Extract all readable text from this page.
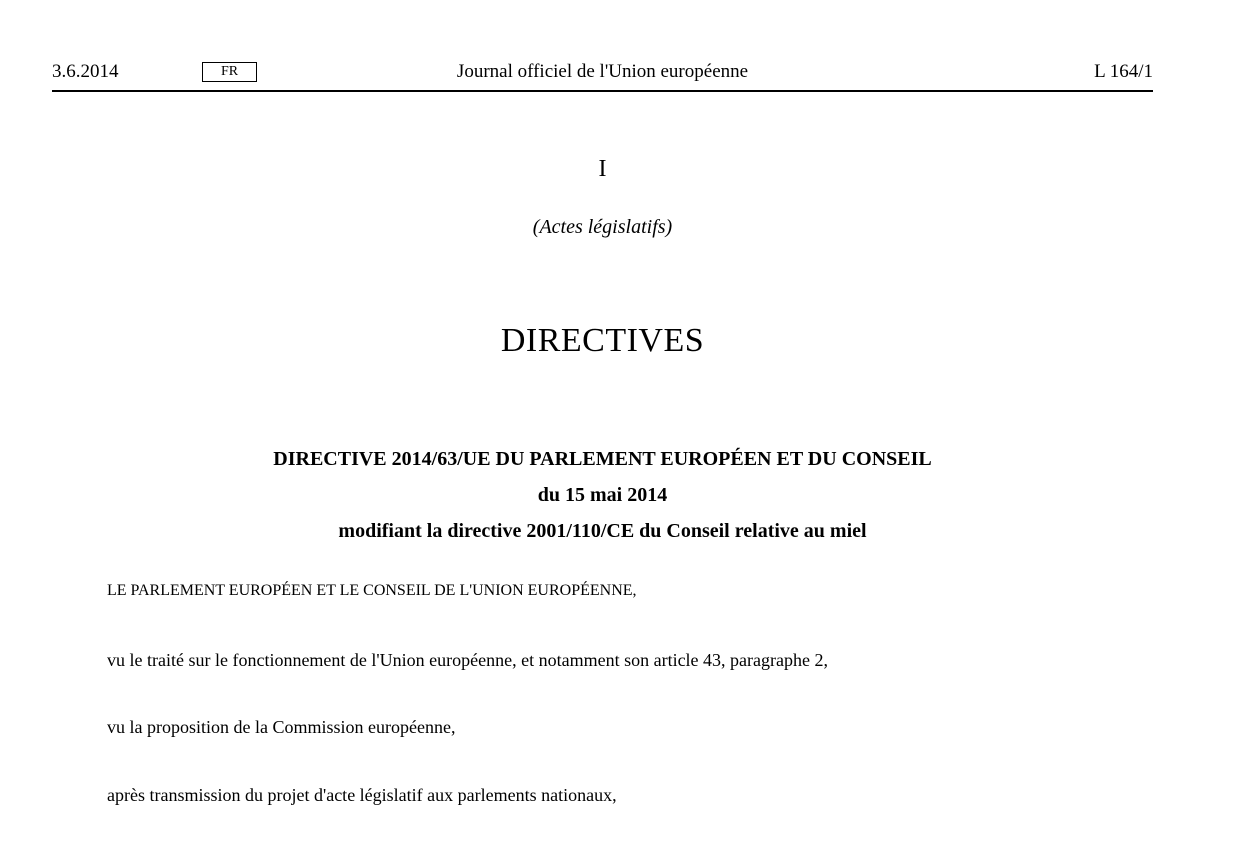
3.6.2014	FR	Journal officiel de l'Union européenne	L 164/1
I
(Actes législatifs)
DIRECTIVES
DIRECTIVE 2014/63/UE DU PARLEMENT EUROPÉEN ET DU CONSEIL
du 15 mai 2014
modifiant la directive 2001/110/CE du Conseil relative au miel
LE PARLEMENT EUROPÉEN ET LE CONSEIL DE L'UNION EUROPÉENNE,
vu le traité sur le fonctionnement de l'Union européenne, et notamment son article 43, paragraphe 2,
vu la proposition de la Commission européenne,
après transmission du projet d'acte législatif aux parlements nationaux,
